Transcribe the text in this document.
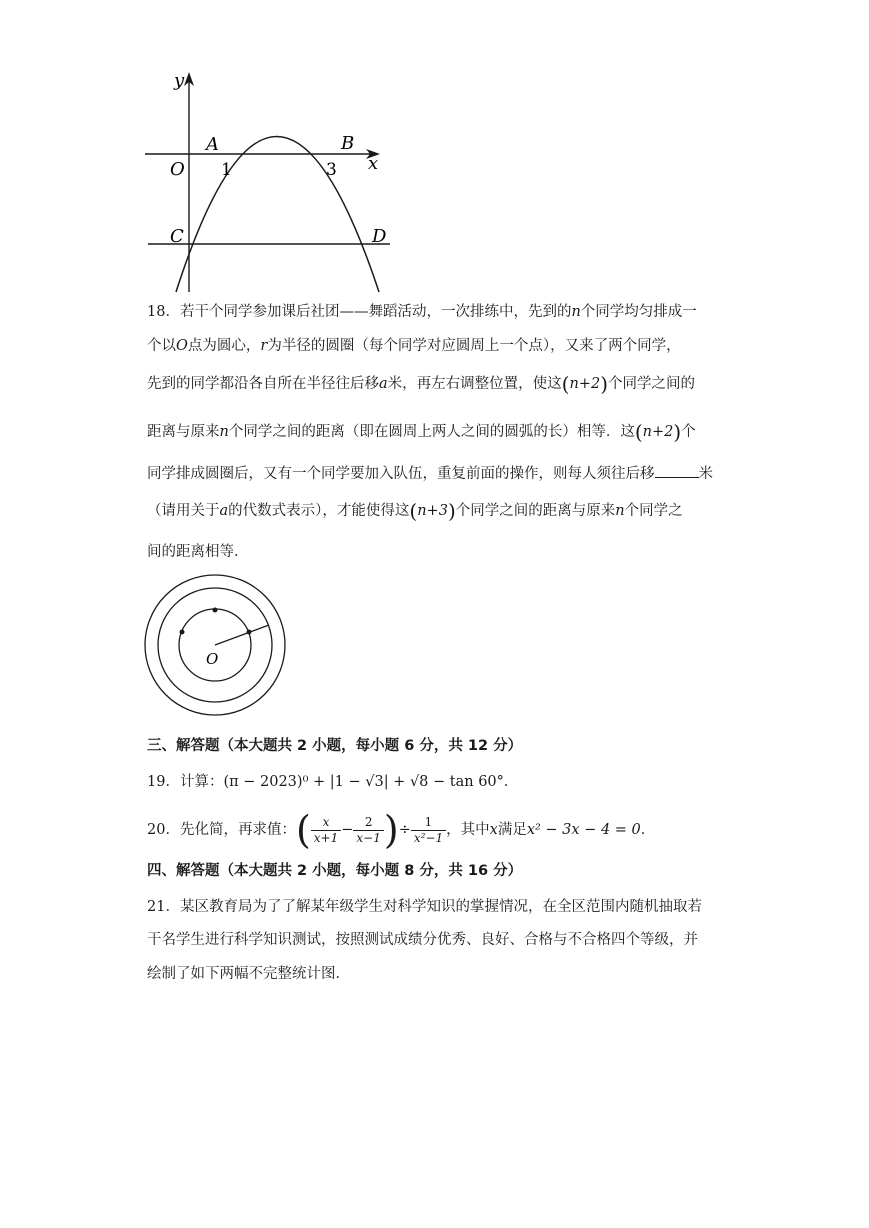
y
x
O
A	B
C	D
1	3
18．若干个同学参加课后社团——舞蹈活动，一次排练中，先到的n个同学均匀排成一
个以O点为圆心，r为半径的圆圈（每个同学对应圆周上一个点），又来了两个同学，
先到的同学都沿各自所在半径往后移a米，再左右调整位置，使这(n+2)个同学之间的
距离与原来n个同学之间的距离（即在圆周上两人之间的圆弧的长）相等．这(n+2)个
同学排成圆圈后，又有一个同学要加入队伍，重复前面的操作，则每人须往后移	米
（请用关于a的代数式表示），才能使得这(n+3)个同学之间的距离与原来n个同学之
间的距离相等．
O
三、解答题（本大题共 2 小题，每小题 6 分，共 12 分）
19．计算：(π − 2023)⁰ + |1 − √3| + √8 − tan 60°．
20．先化简，再求值：( $\frac{x}{x+1} - \frac{2}{x-1}$ )÷ $\frac{1}{\text{x²−1}}$ ，其中x满足x² − 3x − 4 = 0．
四、解答题（本大题共 2 小题，每小题 8 分，共 16 分）
21．某区教育局为了了解某年级学生对科学知识的掌握情况，在全区范围内随机抽取若
干名学生进行科学知识测试，按照测试成绩分优秀、良好、合格与不合格四个等级，并
绘制了如下两幅不完整统计图．
